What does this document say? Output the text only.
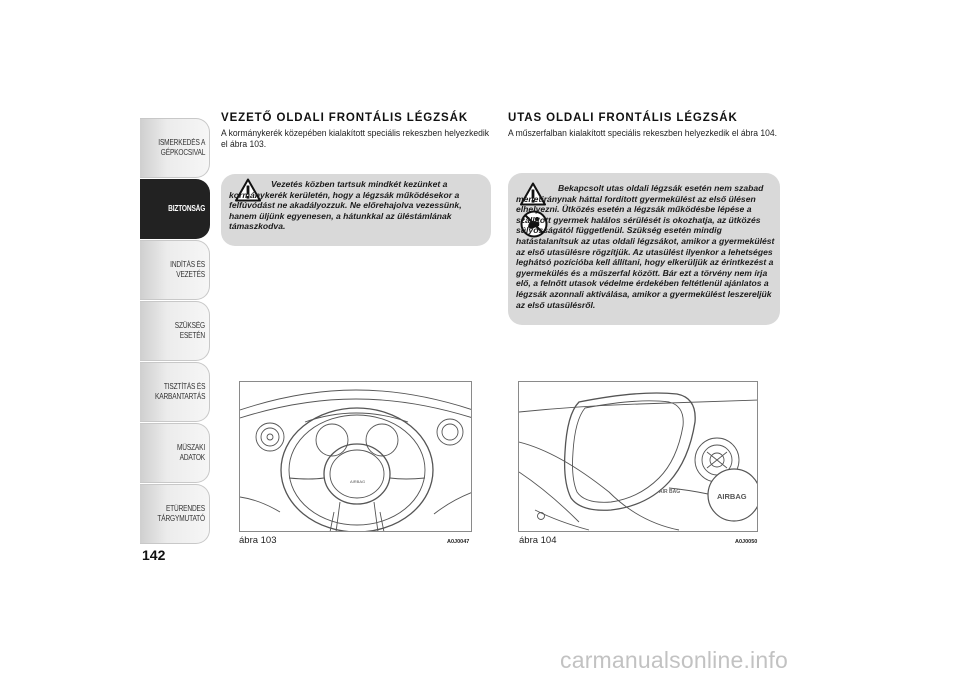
ISMERKEDÉS A
GÉPKOCSIVAL
BIZTONSÁG
INDÍTÁS ÉS VEZETÉS
SZÜKSÉG ESETÉN
TISZTÍTÁS ÉS
KARBANTARTÁS
MŰSZAKI ADATOK
ETŰRENDES
TÁRGYMUTATÓ
142
VEZETŐ OLDALI FRONTÁLIS LÉGZSÁK

A kormánykerék közepében kialakított speciális rekeszben helyezkedik el ábra 103.

Vezetés közben tartsuk mindkét kezünket a kormánykerék kerületén, hogy a légzsák működésekor a felfúvódást ne akadályozzuk. Ne előrehajolva vezessünk, hanem üljünk egyenesen, a hátunkkal az üléstámlának támaszkodva.

UTAS OLDALI FRONTÁLIS LÉGZSÁK

A műszerfalban kialakított speciális rekeszben helyezkedik el ábra 104.

Bekapcsolt utas oldali légzsák esetén nem szabad menetiránynak háttal fordított gyermekülést az első ülésen elhelyezni. Ütközés esetén a légzsák működésbe lépése a szállított gyermek halálos sérülését is okozhatja, az ütközés súlyosságától függetlenül. Szükség esetén mindig hatástalanítsuk az utas oldali légzsákot, amikor a gyermekülést az első utasülésre rögzítjük. Az utasülést ilyenkor a lehetséges leghátsó pozícióba kell állítani, hogy elkerüljük az érintkezést a gyermekülés és a műszerfal között. Bár ezt a törvény nem írja elő, a felnőtt utasok védelme érdekében feltétlenül ajánlatos a légzsák azonnali aktiválása, amikor a gyermekülést leszereljük az első utasülésről.

AIRBAG
ábra 103	A0J0047
AIR BAG	AIRBAG
ábra 104	A0J0050
carmanualsonline.info
